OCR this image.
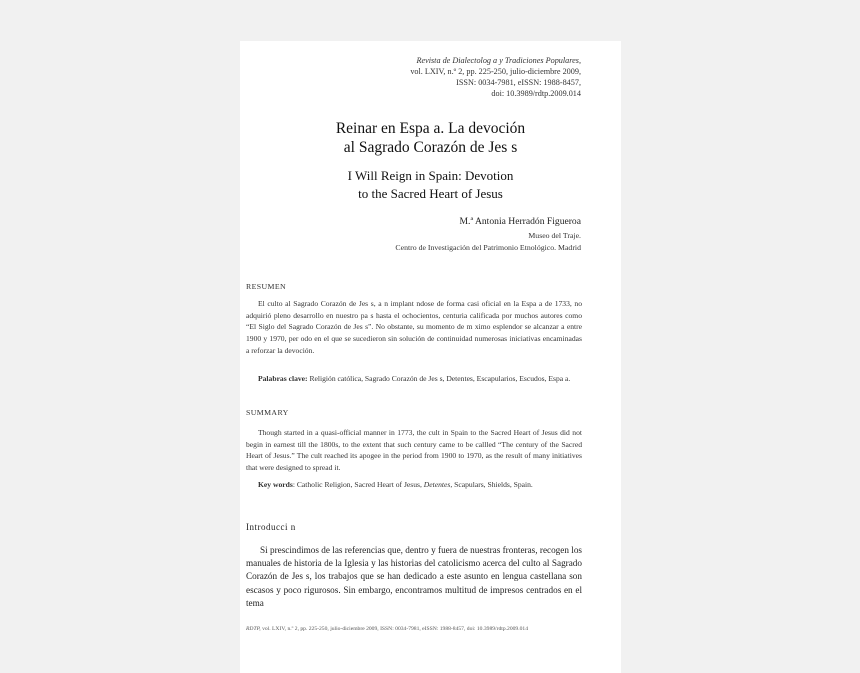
Revista de Dialectolog a y Tradiciones Populares,
vol. LXIV, n.º 2, pp. 225-250, julio-diciembre 2009,
ISSN: 0034-7981, eISSN: 1988-8457,
doi: 10.3989/rdtp.2009.014
Reinar en Espa a. La devoción
al Sagrado Corazón de Jes s
I Will Reign in Spain: Devotion
to the Sacred Heart of Jesus
M.ª Antonia Herradón Figueroa
Museo del Traje.
Centro de Investigación del Patrimonio Etnológico. Madrid
RESUMEN
El culto al Sagrado Corazón de Jes s, a n implant ndose de forma casi oficial en la Espa a de 1733, no adquirió pleno desarrollo en nuestro pa s hasta el ochocientos, centuria calificada por muchos autores como “El Siglo del Sagrado Corazón de Jes s”. No obstante, su momento de m ximo esplendor se alcanzar a entre 1900 y 1970, per odo en el que se sucedieron sin solución de continuidad numerosas iniciativas encaminadas a reforzar la devoción.
Palabras clave: Religión católica, Sagrado Corazón de Jes s, Detentes, Escapularios, Escudos, Espa a.
SUMMARY
Though started in a quasi-official manner in 1773, the cult in Spain to the Sacred Heart of Jesus did not begin in earnest till the 1800s, to the extent that such century came to be callled “The century of the Sacred Heart of Jesus.” The cult reached its apogee in the period from 1900 to 1970, as the result of many initiatives that were designed to spread it.
Key words: Catholic Religion, Sacred Heart of Jesus, Detentes, Scapulars, Shields, Spain.
Introducci n
Si prescindimos de las referencias que, dentro y fuera de nuestras fronteras, recogen los manuales de historia de la Iglesia y las historias del catolicismo acerca del culto al Sagrado Corazón de Jes s, los trabajos que se han dedicado a este asunto en lengua castellana son escasos y poco rigurosos. Sin embargo, encontramos multitud de impresos centrados en el tema
RDTP, vol. LXIV, n.º 2, pp. 225-250, julio-diciembre 2009, ISSN: 0034-7981, eISSN: 1988-8457, doi: 10.3989/rdtp.2009.014
